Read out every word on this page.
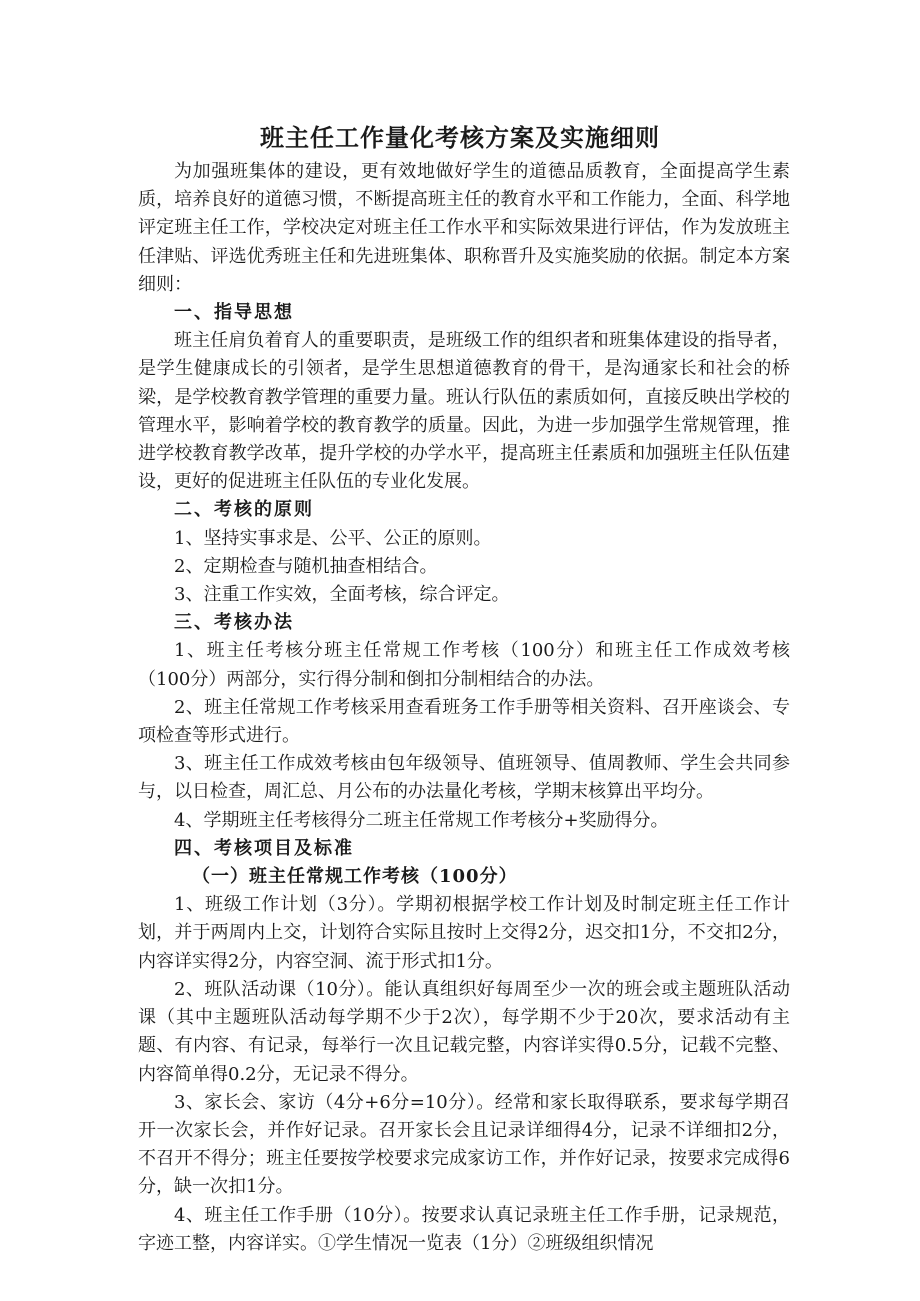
班主任工作量化考核方案及实施细则

为加强班集体的建设，更有效地做好学生的道德品质教育，全面提高学生素质，培养良好的道德习惯，不断提高班主任的教育水平和工作能力，全面、科学地评定班主任工作，学校决定对班主任工作水平和实际效果进行评估，作为发放班主任津贴、评选优秀班主任和先进班集体、职称晋升及实施奖励的依据。制定本方案细则：

一、指导思想

班主任肩负着育人的重要职责，是班级工作的组织者和班集体建设的指导者，是学生健康成长的引领者，是学生思想道德教育的骨干，是沟通家长和社会的桥梁，是学校教育教学管理的重要力量。班认行队伍的素质如何，直接反映出学校的管理水平，影响着学校的教育教学的质量。因此，为进一步加强学生常规管理，推进学校教育教学改革，提升学校的办学水平，提高班主任素质和加强班主任队伍建设，更好的促进班主任队伍的专业化发展。

二、考核的原则

1、坚持实事求是、公平、公正的原则。

2、定期检查与随机抽查相结合。

3、注重工作实效，全面考核，综合评定。

三、考核办法

1、班主任考核分班主任常规工作考核（100分）和班主任工作成效考核（100分）两部分，实行得分制和倒扣分制相结合的办法。

2、班主任常规工作考核采用查看班务工作手册等相关资料、召开座谈会、专项检查等形式进行。

3、班主任工作成效考核由包年级领导、值班领导、值周教师、学生会共同参与，以日检查，周汇总、月公布的办法量化考核，学期末核算出平均分。

4、学期班主任考核得分二班主任常规工作考核分+奖励得分。

四、考核项目及标准

（一）班主任常规工作考核（100分）

1、班级工作计划（3分）。学期初根据学校工作计划及时制定班主任工作计划，并于两周内上交，计划符合实际且按时上交得2分，迟交扣1分，不交扣2分，内容详实得2分，内容空洞、流于形式扣1分。

2、班队活动课（10分）。能认真组织好每周至少一次的班会或主题班队活动课（其中主题班队活动每学期不少于2次），每学期不少于20次，要求活动有主题、有内容、有记录，每举行一次且记载完整，内容详实得0.5分，记载不完整、内容简单得0.2分，无记录不得分。

3、家长会、家访（4分+6分=10分）。经常和家长取得联系，要求每学期召开一次家长会，并作好记录。召开家长会且记录详细得4分，记录不详细扣2分，不召开不得分；班主任要按学校要求完成家访工作，并作好记录，按要求完成得6分，缺一次扣1分。

4、班主任工作手册（10分）。按要求认真记录班主任工作手册，记录规范，字迹工整，内容详实。①学生情况一览表（1分）②班级组织情况
